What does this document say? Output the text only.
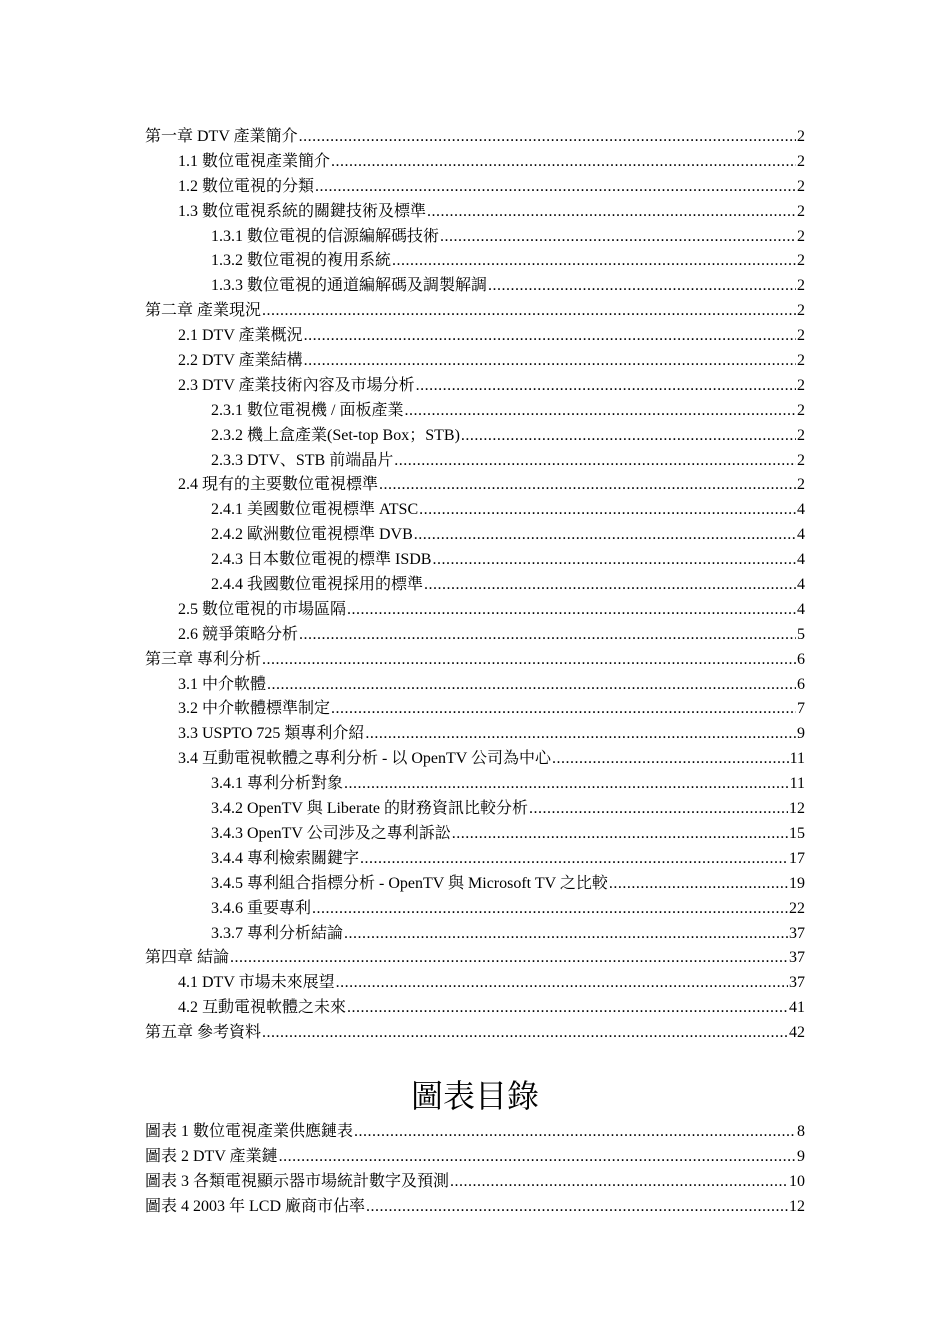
第一章 DTV 產業簡介 .....	2
1.1 數位電視產業簡介 .....	2
1.2 數位電視的分類 .....	2
1.3 數位電視系統的關鍵技術及標準 .....	2
1.3.1 數位電視的信源編解碼技術 .....	2
1.3.2 數位電視的複用系統 .....	2
1.3.3 數位電視的通道編解碼及調製解調 .....	2
第二章 產業現況 .....	2
2.1 DTV 產業概況 .....	2
2.2 DTV 產業結構 .....	2
2.3 DTV 產業技術內容及市場分析 .....	2
2.3.1 數位電視機 / 面板產業 .....	2
2.3.2 機上盒產業(Set-top Box；STB) .....	2
2.3.3 DTV、STB 前端晶片 .....	2
2.4 現有的主要數位電視標準 .....	2
2.4.1 美國數位電視標準 ATSC .....	4
2.4.2 歐洲數位電視標準 DVB .....	4
2.4.3 日本數位電視的標準 ISDB .....	4
2.4.4 我國數位電視採用的標準 .....	4
2.5 數位電視的市場區隔 .....	4
2.6 競爭策略分析 .....	5
第三章 專利分析 .....	6
3.1 中介軟體 .....	6
3.2 中介軟體標準制定 .....	7
3.3 USPTO 725 類專利介紹 .....	9
3.4 互動電視軟體之專利分析 - 以 OpenTV 公司為中心 .....	11
3.4.1 專利分析對象 .....	11
3.4.2 OpenTV 與 Liberate 的財務資訊比較分析 .....	12
3.4.3 OpenTV 公司涉及之專利訴訟 .....	15
3.4.4 專利檢索關鍵字 .....	17
3.4.5 專利組合指標分析 - OpenTV 與 Microsoft TV 之比較 .....	19
3.4.6 重要專利 .....	22
3.3.7 專利分析結論 .....	37
第四章 結論 .....	37
4.1 DTV 市場未來展望 .....	37
4.2 互動電視軟體之未來 .....	41
第五章 參考資料 .....	42
圖表目錄
圖表 1 數位電視產業供應鏈表 .....	8
圖表 2 DTV 產業鏈 .....	9
圖表 3 各類電視顯示器市場統計數字及預測 .....	10
圖表 4 2003 年 LCD 廠商市佔率 .....	12
